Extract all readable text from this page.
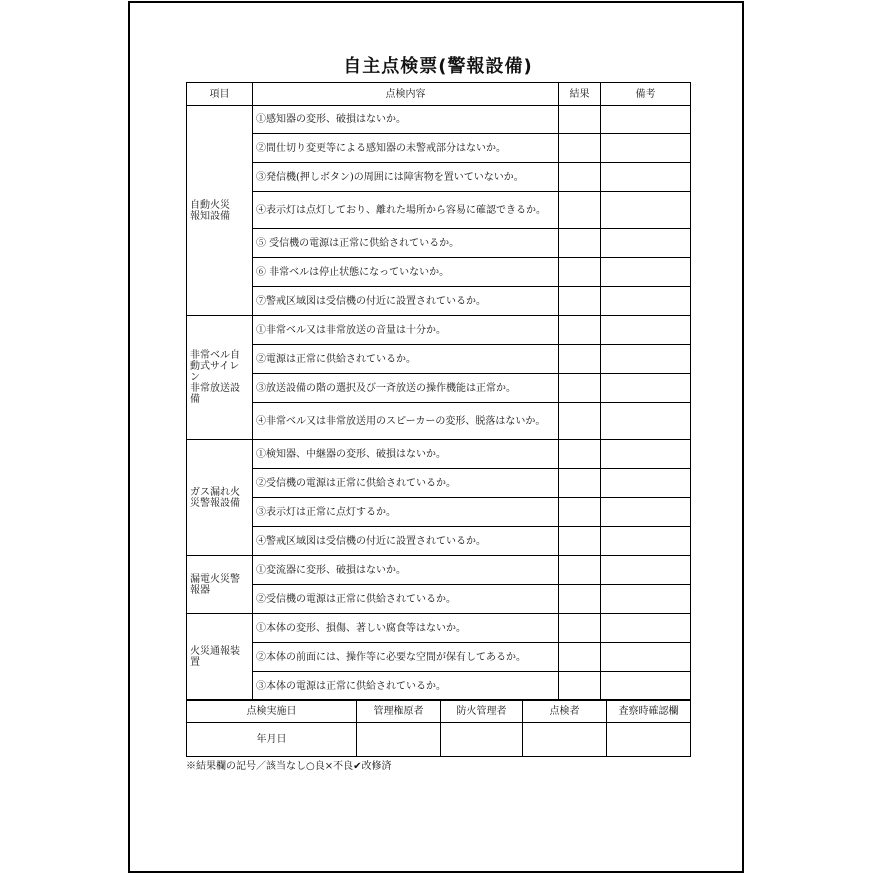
自主点検票(警報設備)
項目	点検内容	結果	備考
自動火災
報知設備	①感知器の変形、破損はないか。		
	②間仕切り変更等による感知器の未警戒部分はないか。		
	③発信機(押しボタン)の周囲には障害物を置いていないか。		
	④表示灯は点灯しており、離れた場所から容易に確認できるか。		
	⑤ 受信機の電源は正常に供給されているか。		
	⑥ 非常ベルは停止状態になっていないか。		
	⑦警戒区域図は受信機の付近に設置されているか。		
非常ベル自
動式サイレ
ン
非常放送設
備	①非常ベル又は非常放送の音量は十分か。		
	②電源は正常に供給されているか。		
	③放送設備の階の選択及び一斉放送の操作機能は正常か。		
	④非常ベル又は非常放送用のスピーカーの変形、脱落はないか。		
ガス漏れ火
災警報設備	①検知器、中継器の変形、破損はないか。		
	②受信機の電源は正常に供給されているか。		
	③表示灯は正常に点灯するか。		
	④警戒区域図は受信機の付近に設置されているか。		
漏電火災警
報器	①変流器に変形、破損はないか。		
	②受信機の電源は正常に供給されているか。		
火災通報装
置	①本体の変形、損傷、著しい腐食等はないか。		
	②本体の前面には、操作等に必要な空間が保有してあるか。		
	③本体の電源は正常に供給されているか。		
点検実施日	管理権原者	防火管理者	点検者	査察時確認欄
年月日				
※結果欄の記号／該当なし○良×不良✔改修済
